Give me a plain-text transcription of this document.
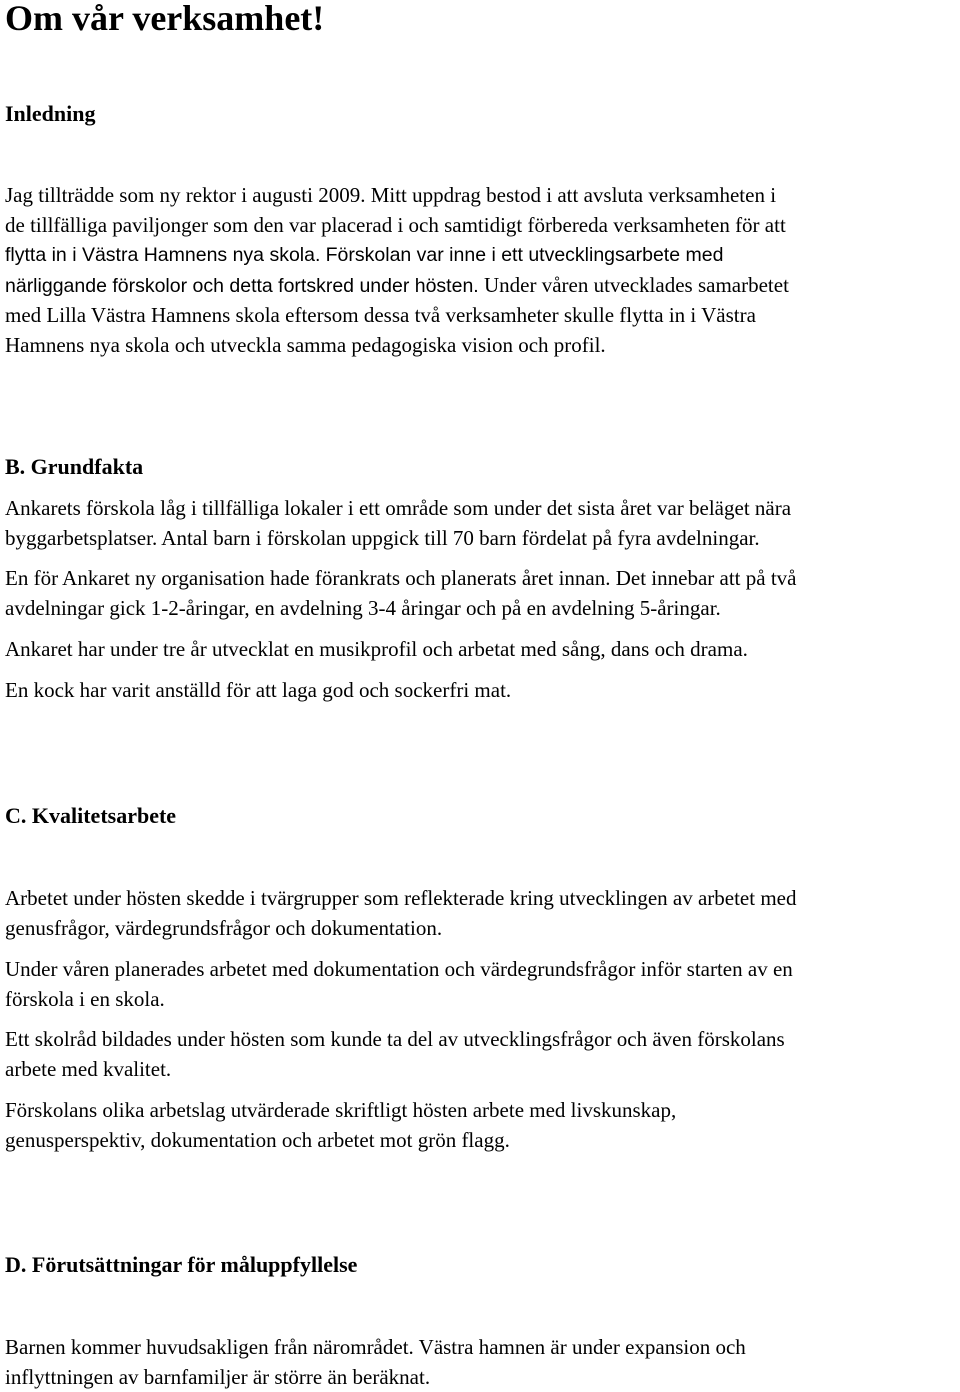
Om vår verksamhet!
Inledning
Jag tillträdde som ny rektor i augusti 2009. Mitt uppdrag bestod i att avsluta verksamheten i
de tillfälliga paviljonger som den var placerad i och samtidigt förbereda verksamheten för att
flytta in i Västra Hamnens nya skola. Förskolan var inne i ett utvecklingsarbete med
närliggande förskolor och detta fortskred under hösten. Under våren utvecklades samarbetet
med Lilla Västra Hamnens skola eftersom dessa två verksamheter skulle flytta in i Västra
Hamnens nya skola och utveckla samma pedagogiska vision och profil.
B. Grundfakta
Ankarets förskola låg i tillfälliga lokaler i ett område som under det sista året var beläget nära
byggarbetsplatser. Antal barn i förskolan uppgick till 70 barn fördelat på fyra avdelningar.
En för Ankaret ny organisation hade förankrats och planerats året innan. Det innebar att på två
avdelningar gick 1-2-åringar, en avdelning 3-4 åringar och på en avdelning 5-åringar.
Ankaret har under tre år utvecklat en musikprofil och arbetat med sång, dans och drama.
En kock har varit anställd för att laga god och sockerfri mat.
C. Kvalitetsarbete
Arbetet under hösten skedde i tvärgrupper som reflekterade kring utvecklingen av arbetet med
genusfrågor, värdegrundsfrågor och dokumentation.
Under våren planerades arbetet med dokumentation och värdegrundsfrågor inför starten av en
förskola i en skola.
Ett skolråd bildades under hösten som kunde ta del av utvecklingsfrågor och även förskolans
arbete med kvalitet.
Förskolans olika arbetslag utvärderade skriftligt hösten arbete med livskunskap,
genusperspektiv, dokumentation och arbetet mot grön flagg.
D. Förutsättningar för måluppfyllelse
Barnen kommer huvudsakligen från närområdet. Västra hamnen är under expansion och
inflyttningen av barnfamiljer är större än beräknat.
